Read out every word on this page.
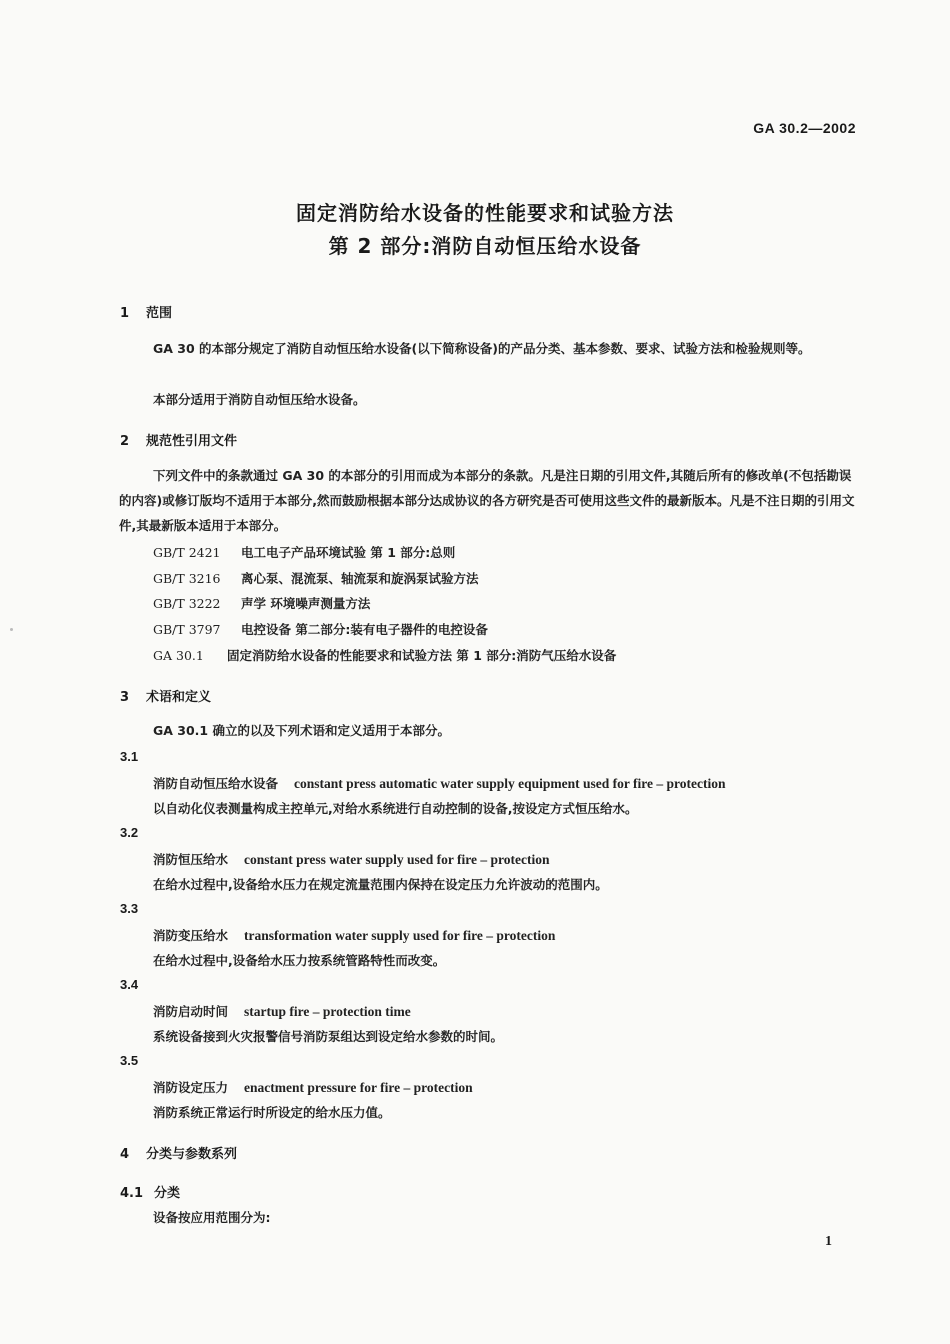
GA 30.2—2002
固定消防给水设备的性能要求和试验方法
第 2 部分:消防自动恒压给水设备
1 范围
GA 30 的本部分规定了消防自动恒压给水设备(以下简称设备)的产品分类、基本参数、要求、试验方法和检验规则等。
本部分适用于消防自动恒压给水设备。
2 规范性引用文件
下列文件中的条款通过 GA 30 的本部分的引用而成为本部分的条款。凡是注日期的引用文件,其随后所有的修改单(不包括勘误的内容)或修订版均不适用于本部分,然而鼓励根据本部分达成协议的各方研究是否可使用这些文件的最新版本。凡是不注日期的引用文件,其最新版本适用于本部分。
GB/T 2421 电工电子产品环境试验 第 1 部分:总则
GB/T 3216 离心泵、混流泵、轴流泵和旋涡泵试验方法
GB/T 3222 声学 环境噪声测量方法
GB/T 3797 电控设备 第二部分:装有电子器件的电控设备
GA 30.1 固定消防给水设备的性能要求和试验方法 第 1 部分:消防气压给水设备
3 术语和定义
GA 30.1 确立的以及下列术语和定义适用于本部分。
3.1
消防自动恒压给水设备 constant press automatic water supply equipment used for fire – protection
以自动化仪表测量构成主控单元,对给水系统进行自动控制的设备,按设定方式恒压给水。
3.2
消防恒压给水 constant press water supply used for fire – protection
在给水过程中,设备给水压力在规定流量范围内保持在设定压力允许波动的范围内。
3.3
消防变压给水 transformation water supply used for fire – protection
在给水过程中,设备给水压力按系统管路特性而改变。
3.4
消防启动时间 startup fire – protection time
系统设备接到火灾报警信号消防泵组达到设定给水参数的时间。
3.5
消防设定压力 enactment pressure for fire – protection
消防系统正常运行时所设定的给水压力值。
4 分类与参数系列
4.1 分类
设备按应用范围分为:
1
